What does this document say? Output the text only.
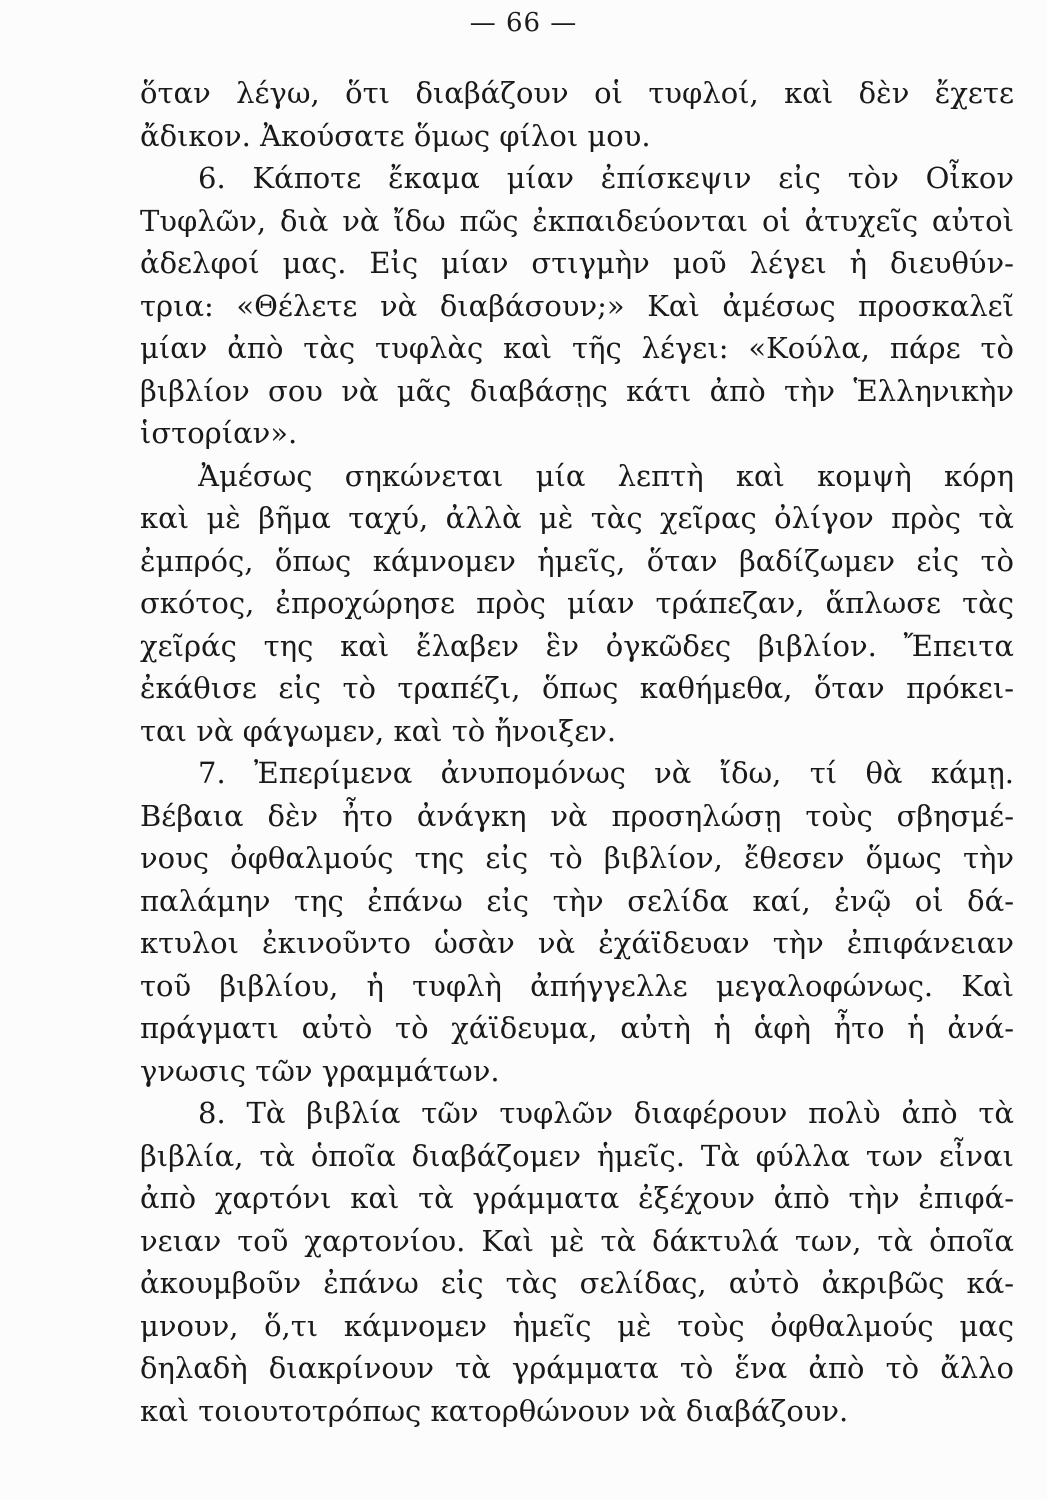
— 66 —
ὅταν λέγω, ὅτι διαβάζουν οἱ τυφλοί, καὶ δὲν ἔχετε
ἄδικον. Ἀκούσατε ὅμως φίλοι μου.
6. Κάποτε ἔκαμα μίαν ἐπίσκεψιν εἰς τὸν Οἶκον
Τυφλῶν, διὰ νὰ ἴδω πῶς ἐκπαιδεύονται οἱ ἀτυχεῖς αὐτοὶ
ἀδελφοί μας. Εἰς μίαν στιγμὴν μοῦ λέγει ἡ διευθύν-
τρια: «Θέλετε νὰ διαβάσουν;» Καὶ ἀμέσως προσκαλεῖ
μίαν ἀπὸ τὰς τυφλὰς καὶ τῆς λέγει: «Κούλα, πάρε τὸ
βιβλίον σου νὰ μᾶς διαβάσῃς κάτι ἀπὸ τὴν Ἑλληνικὴν
ἱστορίαν».
Ἀμέσως σηκώνεται μία λεπτὴ καὶ κομψὴ κόρη
καὶ μὲ βῆμα ταχύ, ἀλλὰ μὲ τὰς χεῖρας ὀλίγον πρὸς τὰ
ἐμπρός, ὅπως κάμνομεν ἡμεῖς, ὅταν βαδίζωμεν εἰς τὸ
σκότος, ἐπροχώρησε πρὸς μίαν τράπεζαν, ἅπλωσε τὰς
χεῖράς της καὶ ἔλαβεν ἓν ὀγκῶδες βιβλίον. Ἔπειτα
ἐκάθισε εἰς τὸ τραπέζι, ὅπως καθήμεθα, ὅταν πρόκει-
ται νὰ φάγωμεν, καὶ τὸ ἤνοιξεν.
7. Ἐπερίμενα ἀνυπομόνως νὰ ἴδω, τί θὰ κάμῃ.
Βέβαια δὲν ἦτο ἀνάγκη νὰ προσηλώσῃ τοὺς σβησμέ-
νους ὀφθαλμούς της εἰς τὸ βιβλίον, ἔθεσεν ὅμως τὴν
παλάμην της ἐπάνω εἰς τὴν σελίδα καί, ἐνῷ οἱ δά-
κτυλοι ἐκινοῦντο ὡσὰν νὰ ἐχάϊδευαν τὴν ἐπιφάνειαν
τοῦ βιβλίου, ἡ τυφλὴ ἀπήγγελλε μεγαλοφώνως. Καὶ
πράγματι αὐτὸ τὸ χάϊδευμα, αὐτὴ ἡ ἁφὴ ἦτο ἡ ἀνά-
γνωσις τῶν γραμμάτων.
8. Τὰ βιβλία τῶν τυφλῶν διαφέρουν πολὺ ἀπὸ τὰ
βιβλία, τὰ ὁποῖα διαβάζομεν ἡμεῖς. Τὰ φύλλα των εἶναι
ἀπὸ χαρτόνι καὶ τὰ γράμματα ἐξέχουν ἀπὸ τὴν ἐπιφά-
νειαν τοῦ χαρτονίου. Καὶ μὲ τὰ δάκτυλά των, τὰ ὁποῖα
ἀκουμβοῦν ἐπάνω εἰς τὰς σελίδας, αὐτὸ ἀκριβῶς κά-
μνουν, ὅ,τι κάμνομεν ἡμεῖς μὲ τοὺς ὀφθαλμούς μας
δηλαδὴ διακρίνουν τὰ γράμματα τὸ ἕνα ἀπὸ τὸ ἄλλο
καὶ τοιουτοτρόπως κατορθώνουν νὰ διαβάζουν.
